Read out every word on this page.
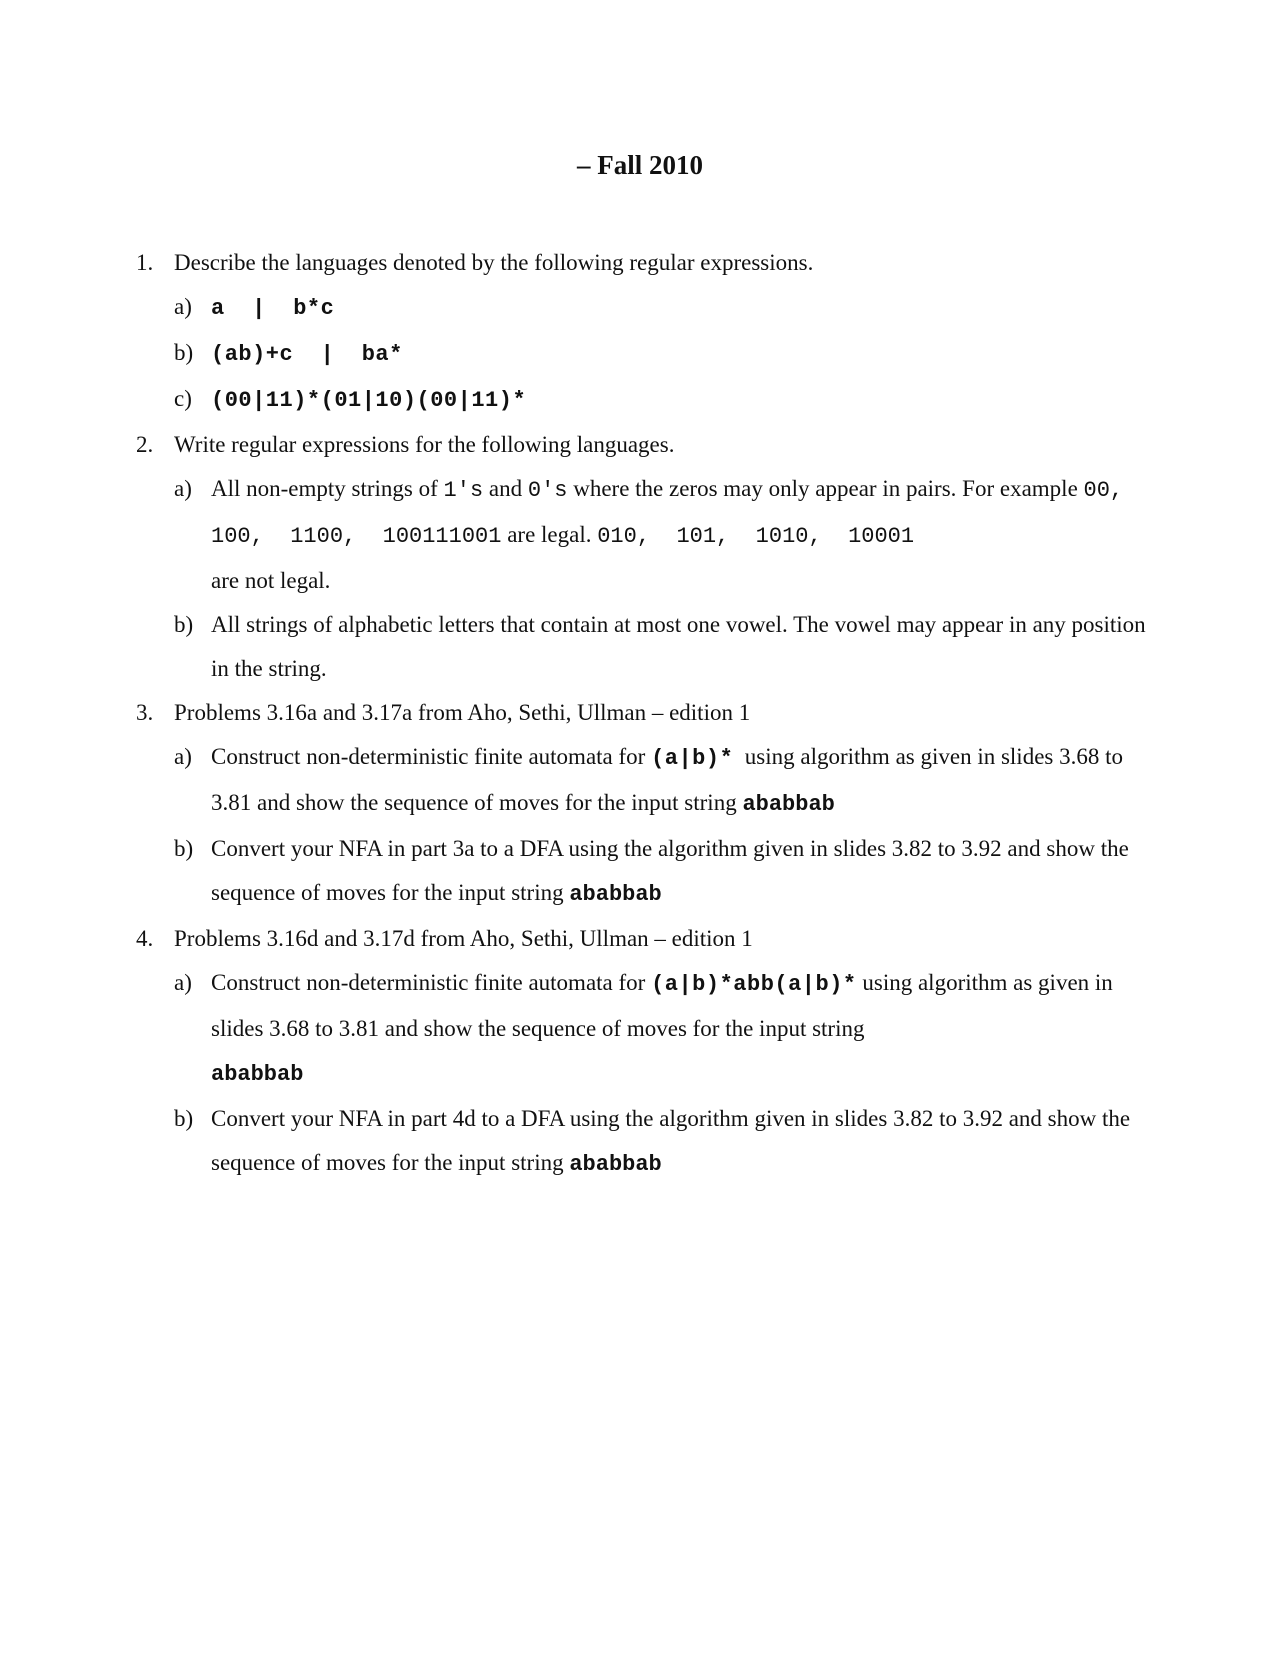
– Fall 2010
1. Describe the languages denoted by the following regular expressions.
a) a  |  b*c
b) (ab)+c  |  ba*
c) (00|11)*(01|10)(00|11)*
2. Write regular expressions for the following languages.
a) All non-empty strings of 1's and 0's where the zeros may only appear in pairs. For example 00,  100,  1100,  100111001 are legal. 010,  101,  1010,  10001
are not legal.
b) All strings of alphabetic letters that contain at most one vowel. The vowel may appear in any position in the string.
3. Problems 3.16a and 3.17a from Aho, Sethi, Ullman – edition 1
a) Construct non-deterministic finite automata for (a|b)*  using algorithm as given in slides 3.68 to 3.81 and show the sequence of moves for the input string ababbab
b) Convert your NFA in part 3a to a DFA using the algorithm given in slides 3.82 to 3.92 and show the sequence of moves for the input string ababbab
4. Problems 3.16d and 3.17d from Aho, Sethi, Ullman – edition 1
a) Construct non-deterministic finite automata for (a|b)*abb(a|b)* using algorithm as given in slides 3.68 to 3.81 and show the sequence of moves for the input string
ababbab
b) Convert your NFA in part 4d to a DFA using the algorithm given in slides 3.82 to 3.92 and show the sequence of moves for the input string ababbab
